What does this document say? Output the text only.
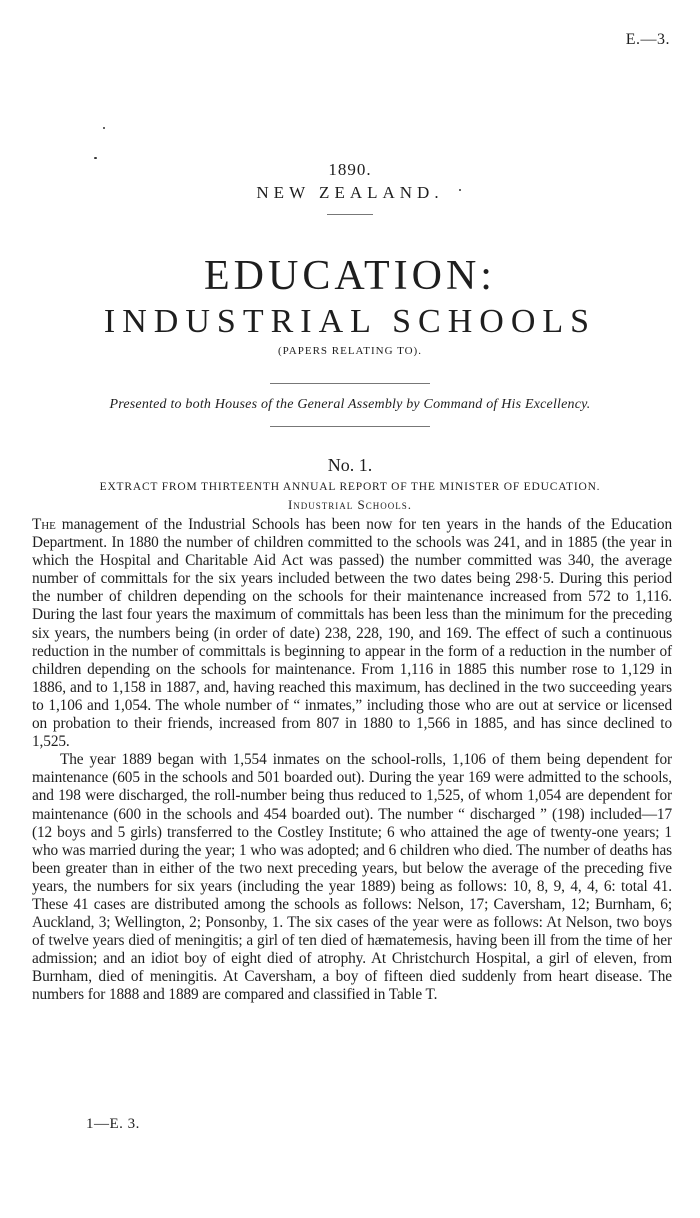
E.—3.
1890.
NEW ZEALAND.
EDUCATION:
INDUSTRIAL SCHOOLS
(PAPERS RELATING TO).
Presented to both Houses of the General Assembly by Command of His Excellency.
No. 1.
EXTRACT FROM THIRTEENTH ANNUAL REPORT OF THE MINISTER OF EDUCATION.
Industrial Schools.

The management of the Industrial Schools has been now for ten years in the hands of the Education Department. In 1880 the number of children committed to the schools was 241, and in 1885 (the year in which the Hospital and Charitable Aid Act was passed) the number committed was 340, the average number of committals for the six years included between the two dates being 298·5. During this period the number of children depending on the schools for their maintenance increased from 572 to 1,116. During the last four years the maximum of committals has been less than the minimum for the preceding six years, the numbers being (in order of date) 238, 228, 190, and 169. The effect of such a continuous reduction in the number of committals is beginning to appear in the form of a reduction in the number of children depending on the schools for maintenance. From 1,116 in 1885 this number rose to 1,129 in 1886, and to 1,158 in 1887, and, having reached this maximum, has declined in the two succeeding years to 1,106 and 1,054. The whole number of “ inmates,” including those who are out at service or licensed on probation to their friends, increased from 807 in 1880 to 1,566 in 1885, and has since declined to 1,525.

The year 1889 began with 1,554 inmates on the school-rolls, 1,106 of them being dependent for maintenance (605 in the schools and 501 boarded out). During the year 169 were admitted to the schools, and 198 were discharged, the roll-number being thus reduced to 1,525, of whom 1,054 are dependent for maintenance (600 in the schools and 454 boarded out). The number “ discharged ” (198) included—17 (12 boys and 5 girls) transferred to the Costley Institute; 6 who attained the age of twenty-one years; 1 who was married during the year; 1 who was adopted; and 6 children who died. The number of deaths has been greater than in either of the two next preceding years, but below the average of the preceding five years, the numbers for six years (including the year 1889) being as follows: 10, 8, 9, 4, 4, 6: total 41. These 41 cases are distributed among the schools as follows: Nelson, 17; Caversham, 12; Burnham, 6; Auckland, 3; Wellington, 2; Ponsonby, 1. The six cases of the year were as follows: At Nelson, two boys of twelve years died of meningitis; a girl of ten died of hæmatemesis, having been ill from the time of her admission; and an idiot boy of eight died of atrophy. At Christchurch Hospital, a girl of eleven, from Burnham, died of meningitis. At Caversham, a boy of fifteen died suddenly from heart disease. The numbers for 1888 and 1889 are compared and classified in Table T.

1—E. 3.
